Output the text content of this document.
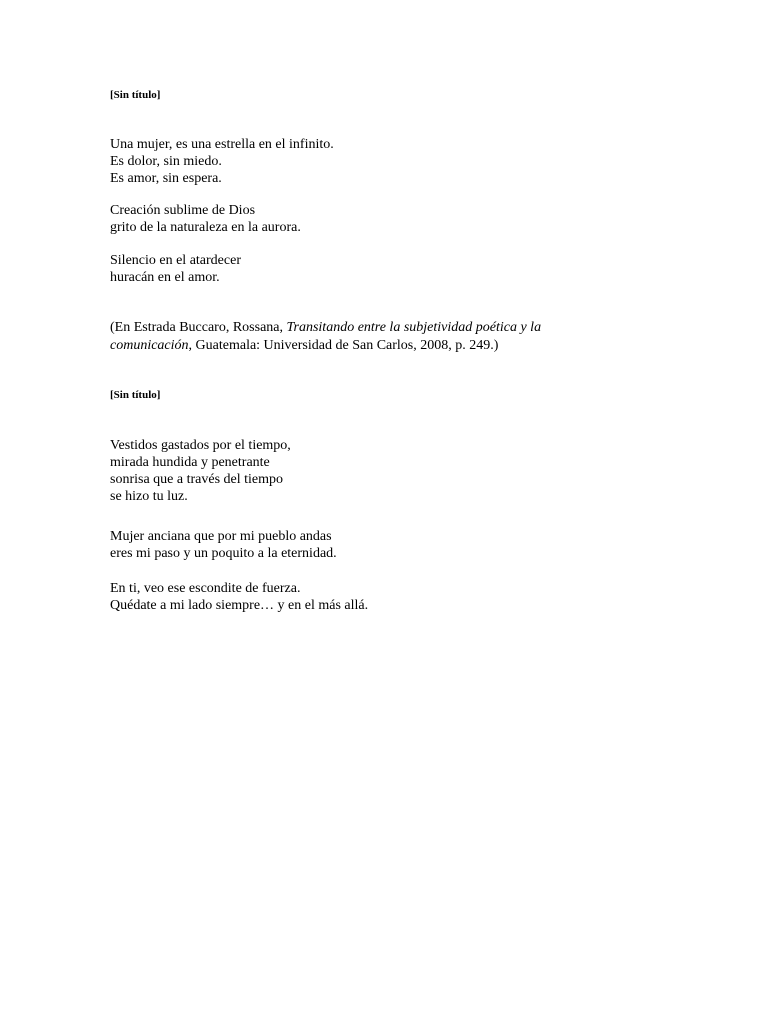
[Sin título]
Una mujer, es una estrella en el infinito.
Es dolor, sin miedo.
Es amor, sin espera.
Creación sublime de Dios
grito de la naturaleza en la aurora.
Silencio en el atardecer
huracán en el amor.
(En Estrada Buccaro, Rossana, Transitando entre la subjetividad poética y la
comunicación, Guatemala: Universidad de San Carlos, 2008, p. 249.)
[Sin título]
Vestidos gastados por el tiempo,
mirada hundida y penetrante
sonrisa que a través del tiempo
se hizo tu luz.
Mujer anciana que por mi pueblo andas
eres mi paso y un poquito a la eternidad.
En ti, veo ese escondite de fuerza.
Quédate a mi lado siempre… y en el más allá.
